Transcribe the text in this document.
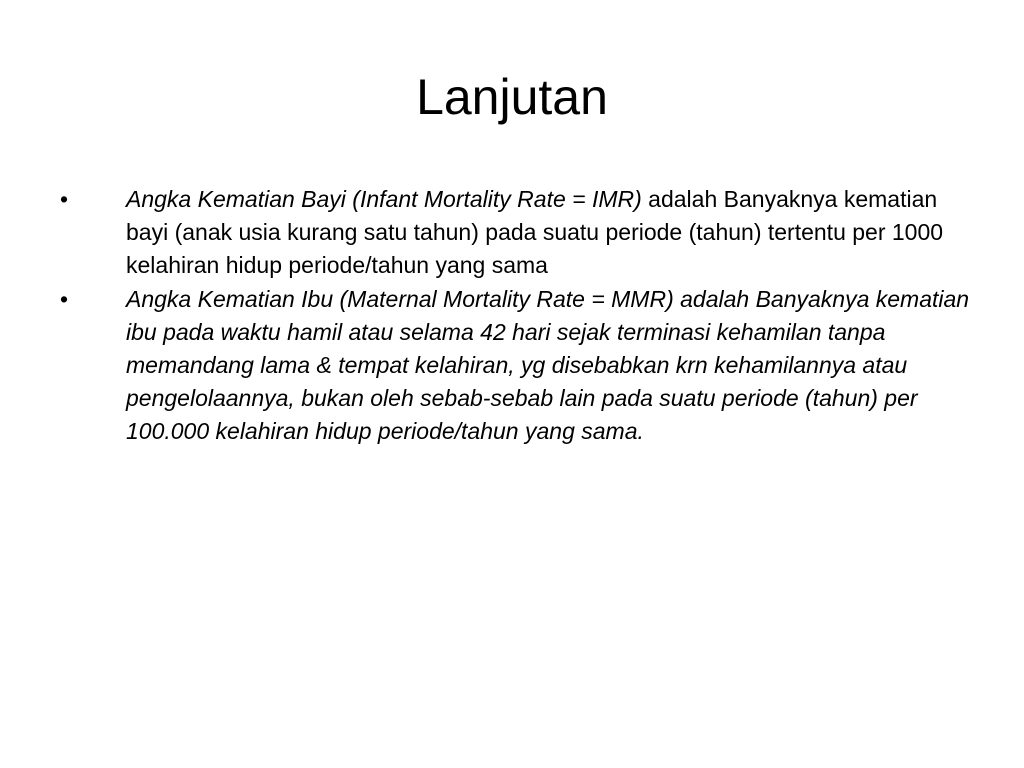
Lanjutan
•	Angka Kematian Bayi (Infant Mortality Rate = IMR) adalah Banyaknya kematian bayi (anak usia kurang satu tahun) pada suatu periode (tahun) tertentu per 1000 kelahiran hidup periode/tahun yang sama
•	Angka Kematian Ibu (Maternal Mortality Rate = MMR) adalah Banyaknya kematian ibu pada waktu hamil atau selama 42 hari sejak terminasi kehamilan tanpa memandang lama & tempat kelahiran, yg disebabkan krn kehamilannya atau pengelolaannya, bukan oleh sebab-sebab lain pada suatu periode (tahun) per 100.000 kelahiran hidup periode/tahun yang sama.
